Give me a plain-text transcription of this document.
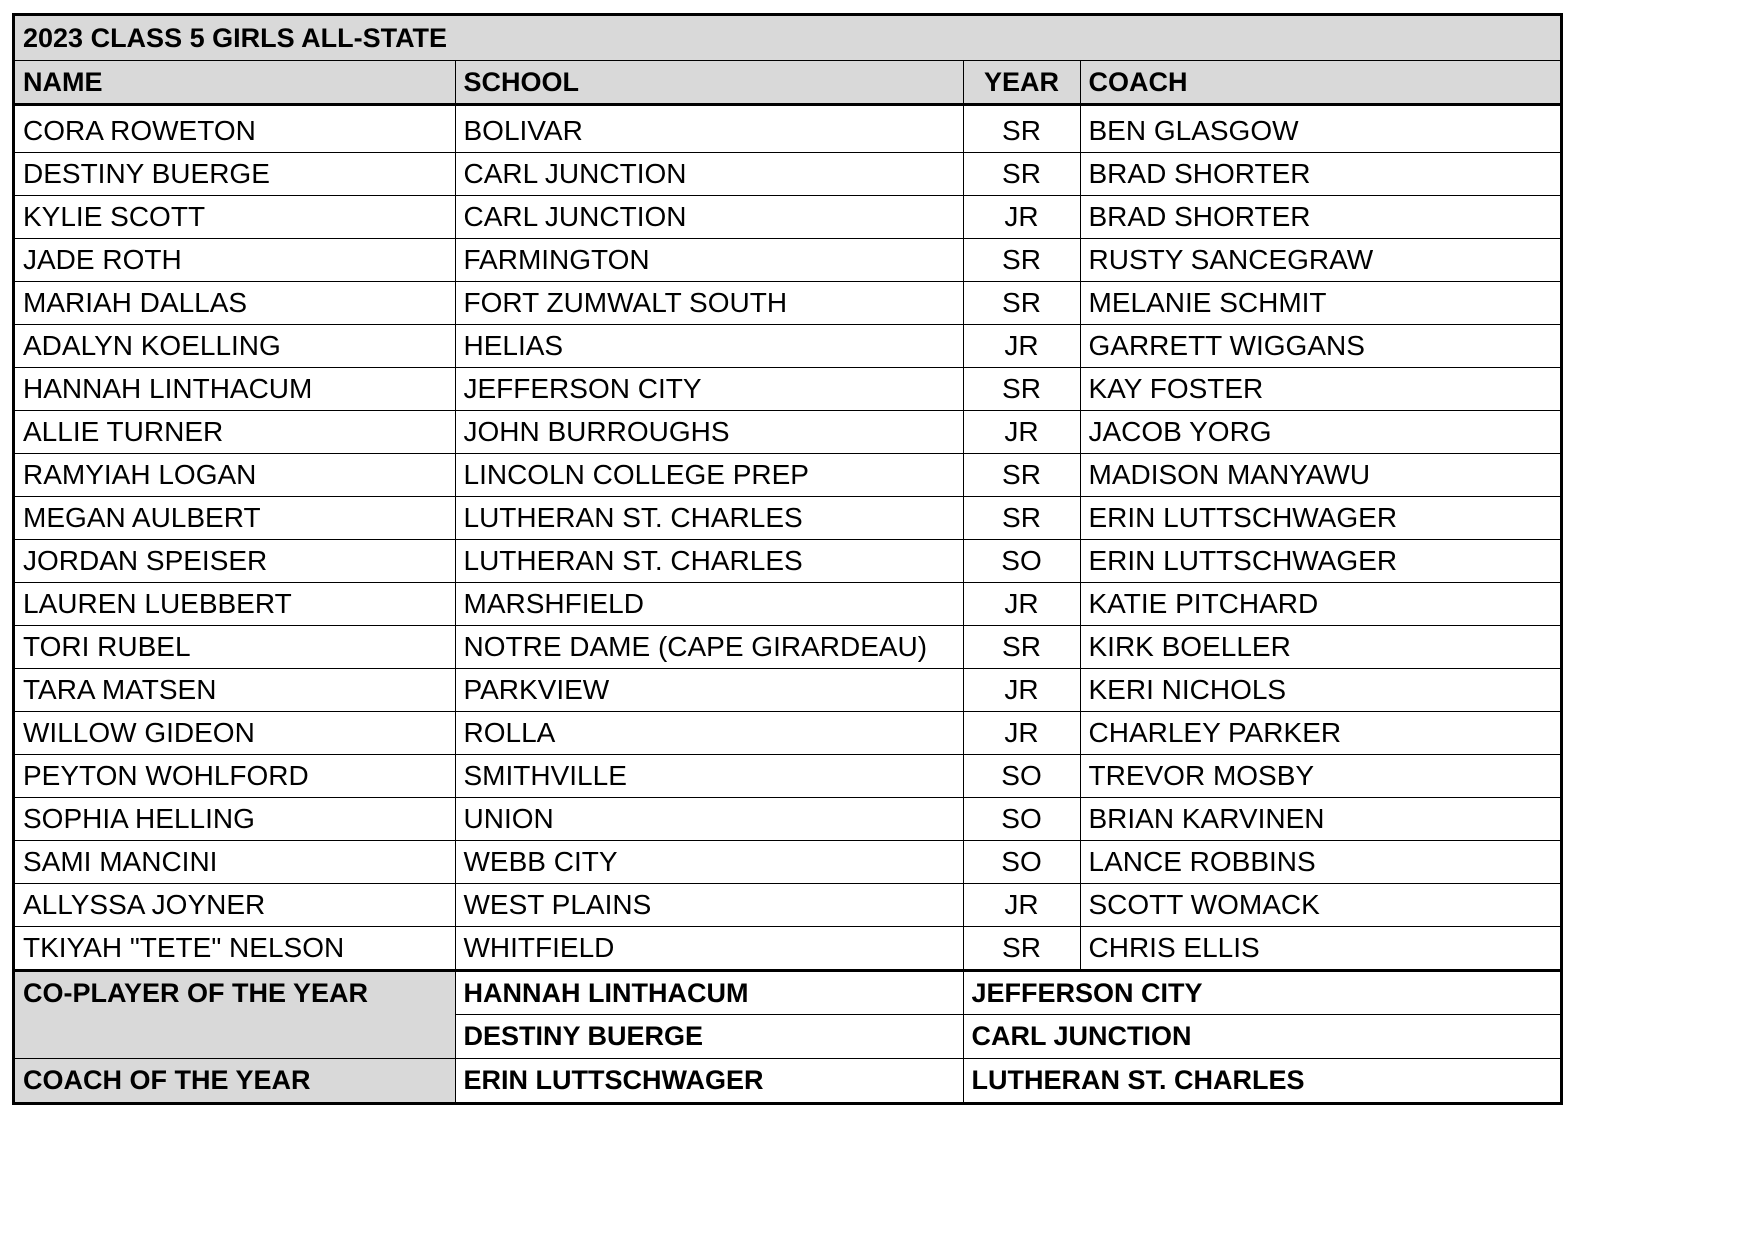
2023 CLASS 5 GIRLS ALL-STATE			
NAME	SCHOOL	YEAR	COACH
CORA ROWETON	BOLIVAR	SR	BEN GLASGOW
DESTINY BUERGE	CARL JUNCTION	SR	BRAD SHORTER
KYLIE SCOTT	CARL JUNCTION	JR	BRAD SHORTER
JADE ROTH	FARMINGTON	SR	RUSTY SANCEGRAW
MARIAH DALLAS	FORT ZUMWALT SOUTH	SR	MELANIE SCHMIT
ADALYN KOELLING	HELIAS	JR	GARRETT WIGGANS
HANNAH LINTHACUM	JEFFERSON CITY	SR	KAY FOSTER
ALLIE TURNER	JOHN BURROUGHS	JR	JACOB YORG
RAMYIAH LOGAN	LINCOLN COLLEGE PREP	SR	MADISON MANYAWU
MEGAN AULBERT	LUTHERAN ST. CHARLES	SR	ERIN LUTTSCHWAGER
JORDAN SPEISER	LUTHERAN ST. CHARLES	SO	ERIN LUTTSCHWAGER
LAUREN LUEBBERT	MARSHFIELD	JR	KATIE PITCHARD
TORI RUBEL	NOTRE DAME (CAPE GIRARDEAU)	SR	KIRK BOELLER
TARA MATSEN	PARKVIEW	JR	KERI NICHOLS
WILLOW GIDEON	ROLLA	JR	CHARLEY PARKER
PEYTON WOHLFORD	SMITHVILLE	SO	TREVOR MOSBY
SOPHIA HELLING	UNION	SO	BRIAN KARVINEN
SAMI MANCINI	WEBB CITY	SO	LANCE ROBBINS
ALLYSSA JOYNER	WEST PLAINS	JR	SCOTT WOMACK
TKIYAH "TETE" NELSON	WHITFIELD	SR	CHRIS ELLIS
CO-PLAYER OF THE YEAR	HANNAH LINTHACUM	JEFFERSON CITY	
	DESTINY BUERGE	CARL JUNCTION	
COACH OF THE YEAR	ERIN LUTTSCHWAGER	LUTHERAN ST. CHARLES	
